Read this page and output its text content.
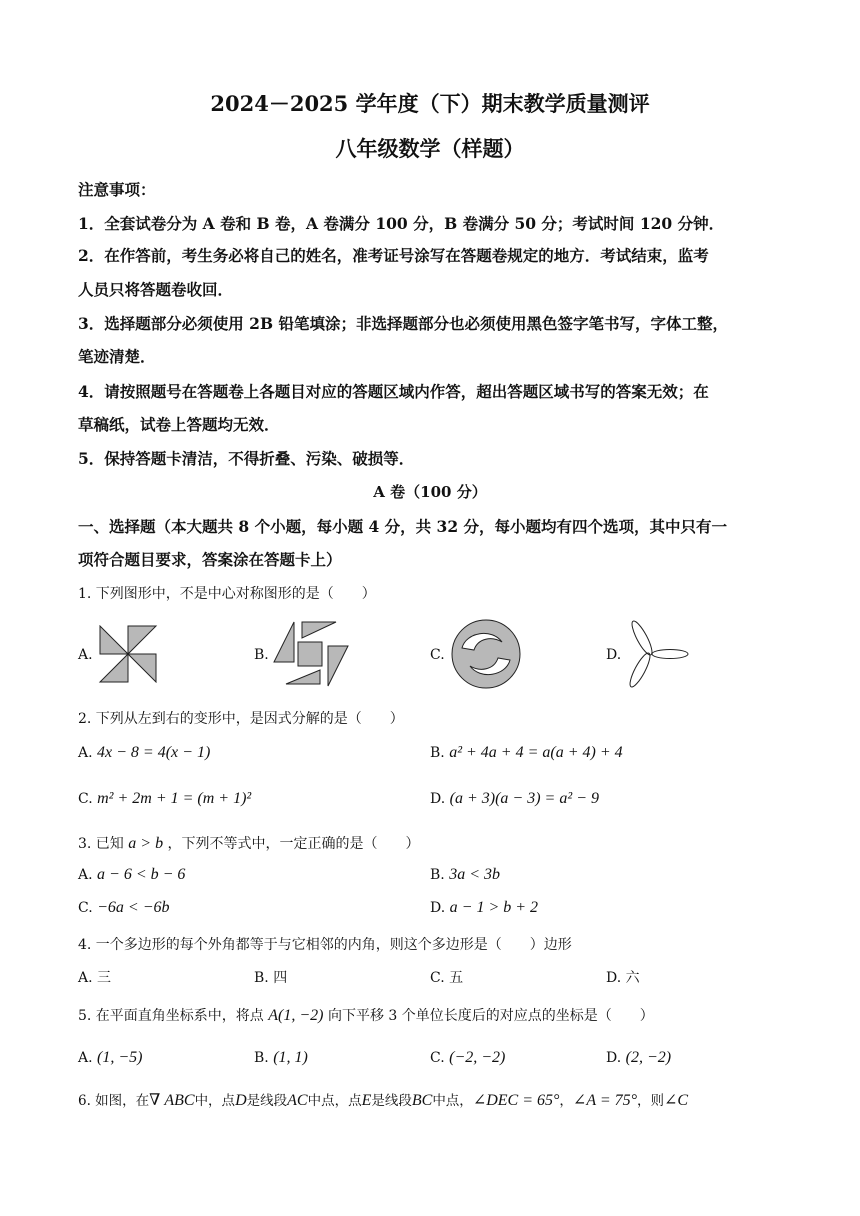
2024－2025 学年度（下）期末教学质量测评
八年级数学（样题）
注意事项：
1．全套试卷分为 A 卷和 B 卷，A 卷满分 100 分，B 卷满分 50 分；考试时间 120 分钟．
2．在作答前，考生务必将自己的姓名，准考证号涂写在答题卷规定的地方．考试结束，监考
人员只将答题卷收回．
3．选择题部分必须使用 2B 铅笔填涂；非选择题部分也必须使用黑色签字笔书写，字体工整，
笔迹清楚．
4．请按照题号在答题卷上各题目对应的答题区域内作答，超出答题区域书写的答案无效；在
草稿纸，试卷上答题均无效．
5．保持答题卡清洁，不得折叠、污染、破损等．
A 卷（100 分）
一、选择题（本大题共 8 个小题，每小题 4 分，共 32 分，每小题均有四个选项，其中只有一
项符合题目要求，答案涂在答题卡上）
1. 下列图形中，不是中心对称图形的是（　　）
A.	B.	C.	D.
2. 下列从左到右的变形中，是因式分解的是（　　）
A. 4x − 8 = 4(x − 1)	B. a² + 4a + 4 = a(a + 4) + 4
C. m² + 2m + 1 = (m + 1)²	D. (a + 3)(a − 3) = a² − 9
3. 已知 a > b ，下列不等式中，一定正确的是（　　）
A. a − 6 < b − 6	B. 3a < 3b
C. −6a < −6b	D. a − 1 > b + 2
4. 一个多边形的每个外角都等于与它相邻的内角，则这个多边形是（　　）边形
A. 三	B. 四	C. 五	D. 六
5. 在平面直角坐标系中，将点 A(1, −2) 向下平移 3 个单位长度后的对应点的坐标是（　　）
A. (1, −5)	B. (1, 1)	C. (−2, −2)	D. (2, −2)
6. 如图，在∇ ABC中，点D是线段AC中点，点E是线段BC中点，∠DEC = 65°，∠A = 75°，则∠C
